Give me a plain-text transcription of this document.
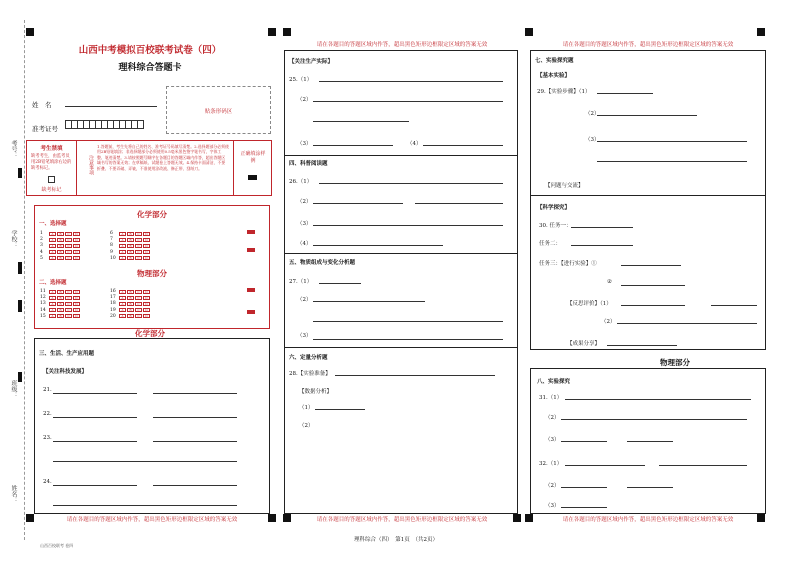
考号：
学校：
班级：
姓名：
山西中考模拟百校联考试卷（四）
理科综合答题卡
姓　名
准考证号
贴条形码区
考生禁填
缺考考生，由监考员用2B铅笔填涂右边的缺考标记。
缺考标记
注意事项
1.答题前，考生先将自己的姓名、准考证号码填写清楚。2.选择题部分必须使用2B铅笔填涂；非选择题部分必须使用0.5毫米黑色签字笔书写，字体工整、笔迹清楚。3.请按照题号顺序在各题目的答题区域内作答，超出答题区域书写的答案无效；在草稿纸、试题卷上答题无效。4.保持卡面清洁，不要折叠、不要弄破、弄皱，不准使用涂改液、修正带、刮纸刀。
正确填涂样例
化学部分
一、选择题
物理部分
二、选择题
1	A	B	C	D
2	A	B	C	D
3	A	B	C	D
4	A	B	C	D
5	A	B	C	D
6	A	B	C	D
7	A	B	C	D
8	A	B	C	D
9	A	B	C	D
10	A	B	C	D
11	A	B	C	D
12	A	B	C	D
13	A	B	C	D
14	A	B	C	D
15	A	B	C	D
16	A	B	C	D
17	A	B	C	D
18	A	B	C	D
19	A	B	C	D
20	A	B	C	D
化学部分
三、生活、生产应用题
【关注科技发展】
21.
22.
23.
24.
请在各题目的答题区域内作答，超出黑色矩形边框限定区域的答案无效
请在各题目的答题区域内作答，超出黑色矩形边框限定区域的答案无效
【关注生产实际】
25.（1）
（2）
（3）	（4）
四、科普阅读题
26.（1）
（2）
（3）
（4）
五、物质组成与变化分析题
27.（1）
（2）
（3）
六、定量分析题
28.【实验准备】
【数据分析】
（1）
（2）
请在各题目的答题区域内作答，超出黑色矩形边框限定区域的答案无效
理科综合（四）　第1页　（共2页）
山西百校联考 卷四
请在各题目的答题区域内作答，超出黑色矩形边框限定区域的答案无效
七、实验探究题
【基本实验】
29.【实验步骤】（1）
（2）
（3）
【问题与交流】
【科学探究】
30. 任务一：
任务二：
任务三：【进行实验】①
②
【反思评价】（1）
（2）
【成果分享】
物理部分
八、实验探究
31.（1）
（2）
（3）
32.（1）
（2）
（3）
请在各题目的答题区域内作答，超出黑色矩形边框限定区域的答案无效
